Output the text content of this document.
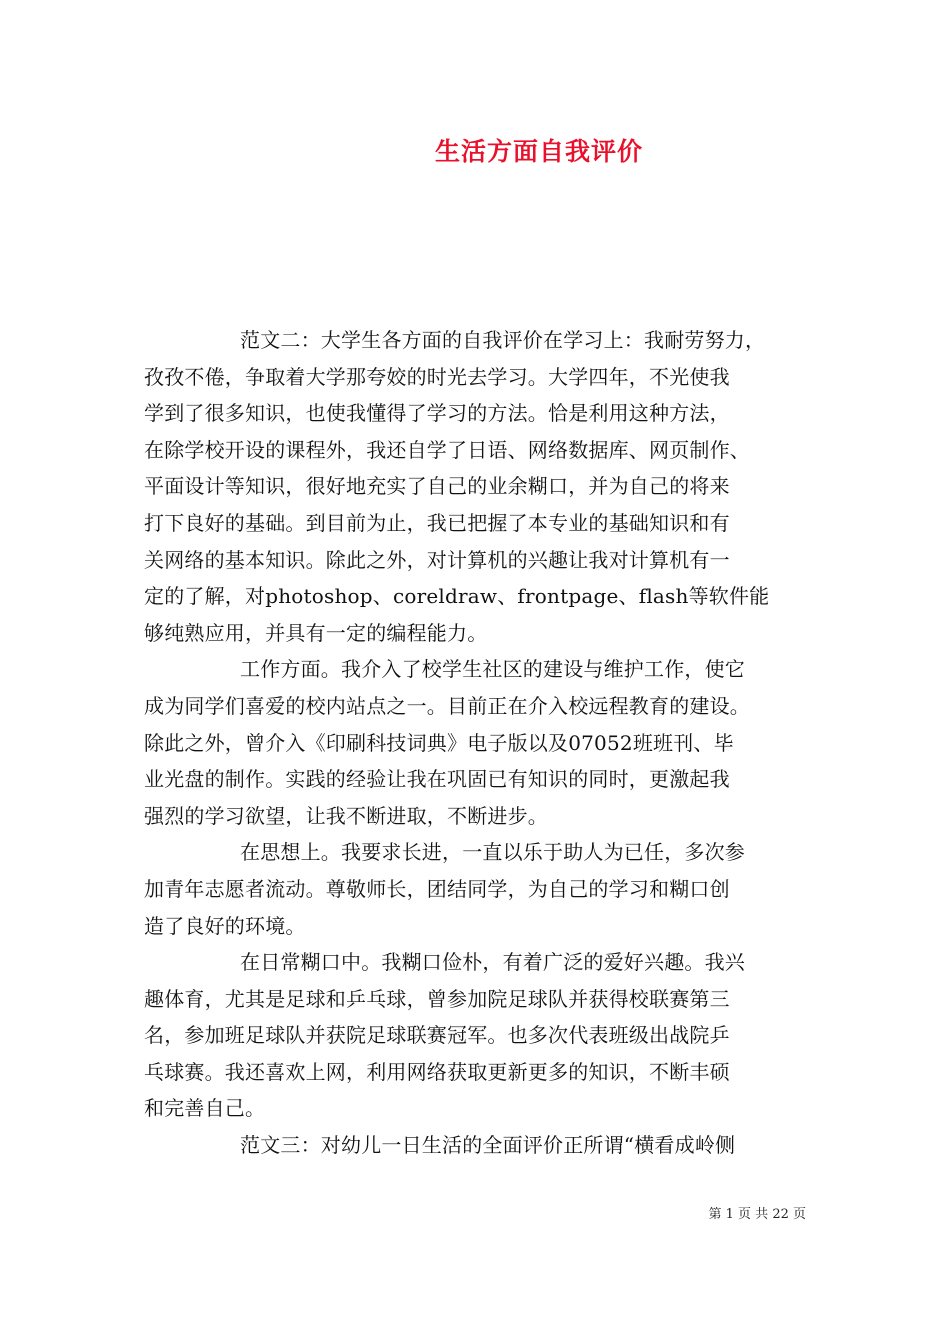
生活方面自我评价
范文二：大学生各方面的自我评价在学习上：我耐劳努力，
孜孜不倦，争取着大学那夸姣的时光去学习。大学四年，不光使我
学到了很多知识，也使我懂得了学习的方法。恰是利用这种方法，
在除学校开设的课程外，我还自学了日语、网络数据库、网页制作、
平面设计等知识，很好地充实了自己的业余糊口，并为自己的将来
打下良好的基础。到目前为止，我已把握了本专业的基础知识和有
关网络的基本知识。除此之外，对计算机的兴趣让我对计算机有一
定的了解，对photoshop、coreldraw、frontpage、flash等软件能
够纯熟应用，并具有一定的编程能力。
工作方面。我介入了校学生社区的建设与维护工作，使它
成为同学们喜爱的校内站点之一。目前正在介入校远程教育的建设。
除此之外，曾介入《印刷科技词典》电子版以及07052班班刊、毕
业光盘的制作。实践的经验让我在巩固已有知识的同时，更激起我
强烈的学习欲望，让我不断进取，不断进步。
在思想上。我要求长进，一直以乐于助人为已任，多次参
加青年志愿者流动。尊敬师长，团结同学，为自己的学习和糊口创
造了良好的环境。
在日常糊口中。我糊口俭朴，有着广泛的爱好兴趣。我兴
趣体育，尤其是足球和乒乓球，曾参加院足球队并获得校联赛第三
名，参加班足球队并获院足球联赛冠军。也多次代表班级出战院乒
乓球赛。我还喜欢上网，利用网络获取更新更多的知识，不断丰硕
和完善自己。
范文三：对幼儿一日生活的全面评价正所谓“横看成岭侧
第 1 页 共 22 页
